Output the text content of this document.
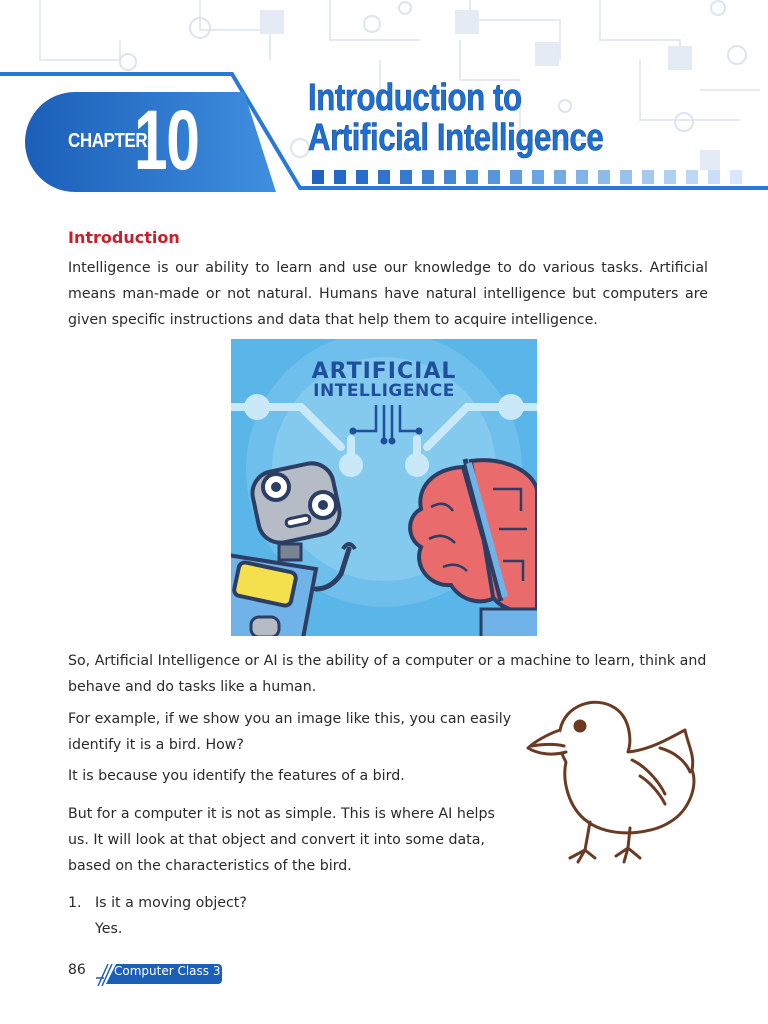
CHAPTER
10	Introduction to
Artificial Intelligence
Introduction
Intelligence is our ability to learn and use our knowledge to do various tasks. Artificial means man-made or not natural. Humans have natural intelligence but computers are given specific instructions and data that help them to acquire intelligence.
ARTIFICIAL
INTELLIGENCE
So, Artificial Intelligence or AI is the ability of a computer or a machine to learn, think and behave and do tasks like a human.
For example, if we show you an image like this, you can easily identify it is a bird. How?
It is because you identify the features of a bird.
But for a computer it is not as simple. This is where AI helps us. It will look at that object and convert it into some data, based on the characteristics of the bird.
1. Is it a moving object?
Yes.
86 Computer Class 3
